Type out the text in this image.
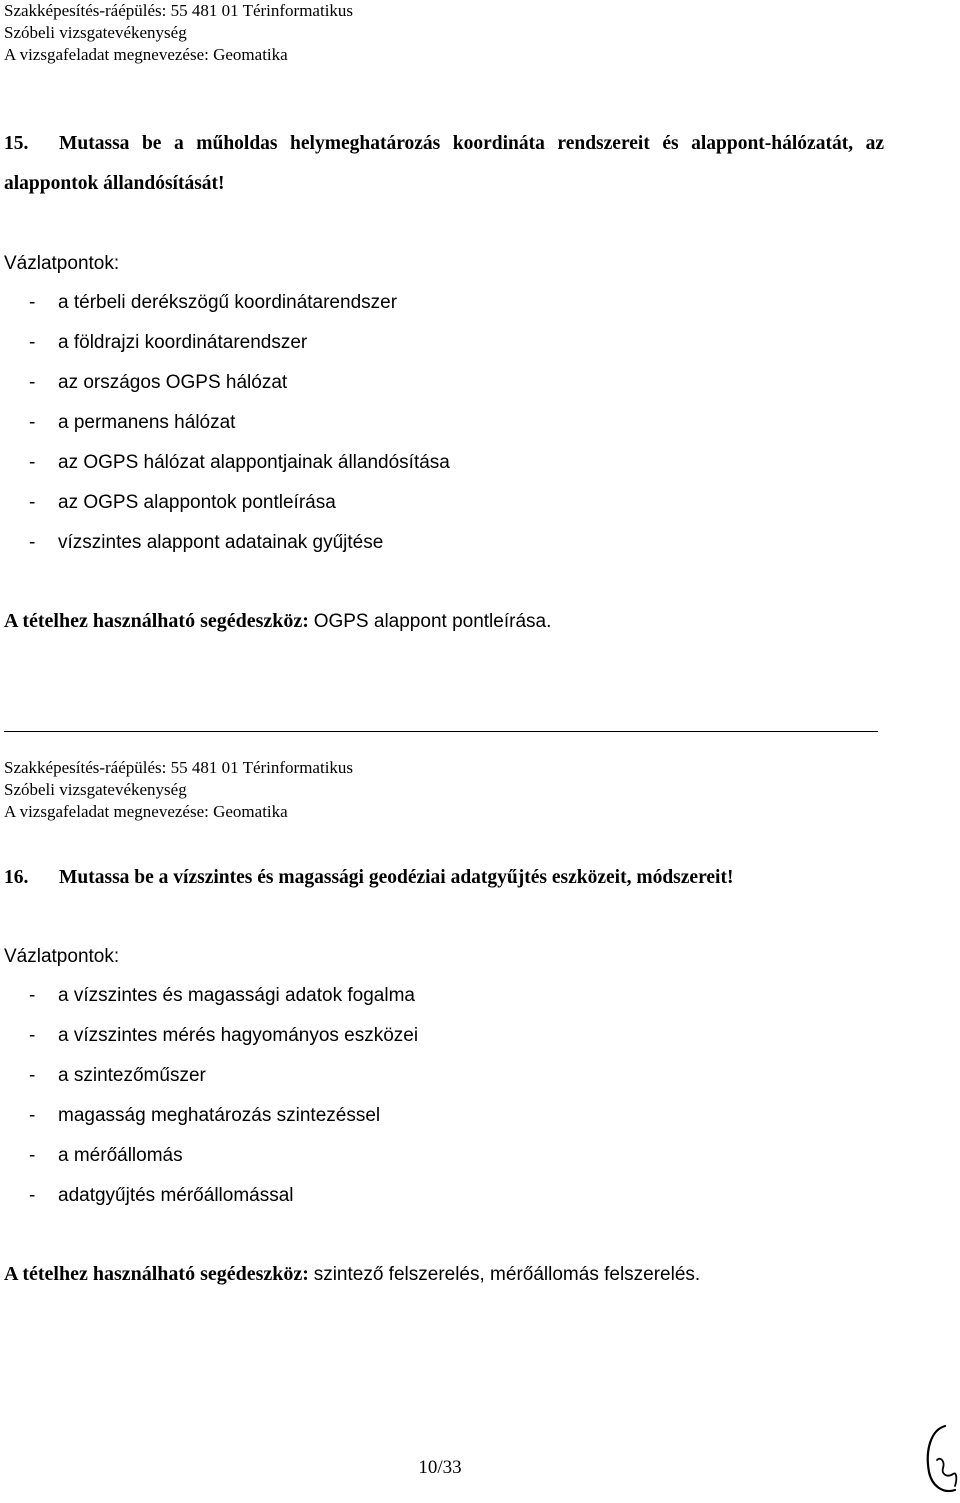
Szakképesítés-ráépülés: 55 481 01 Térinformatikus
Szóbeli vizsgatevékenység
A vizsgafeladat megnevezése: Geomatika
15. Mutassa be a műholdas helymeghatározás koordináta rendszereit és alappont-hálózatát, az alappontok állandósítását!
Vázlatpontok:
- a térbeli derékszögű koordinátarendszer
- a földrajzi koordinátarendszer
- az országos OGPS hálózat
- a permanens hálózat
- az OGPS hálózat alappontjainak állandósítása
- az OGPS alappontok pontleírása
- vízszintes alappont adatainak gyűjtése
A tételhez használható segédeszköz: OGPS alappont pontleírása.
Szakképesítés-ráépülés: 55 481 01 Térinformatikus
Szóbeli vizsgatevékenység
A vizsgafeladat megnevezése: Geomatika
16. Mutassa be a vízszintes és magassági geodéziai adatgyűjtés eszközeit, módszereit!
Vázlatpontok:
- a vízszintes és magassági adatok fogalma
- a vízszintes mérés hagyományos eszközei
- a szintezőműszer
- magasság meghatározás szintezéssel
- a mérőállomás
- adatgyűjtés mérőállomással
A tételhez használható segédeszköz: szintező felszerelés, mérőállomás felszerelés.
10/33
